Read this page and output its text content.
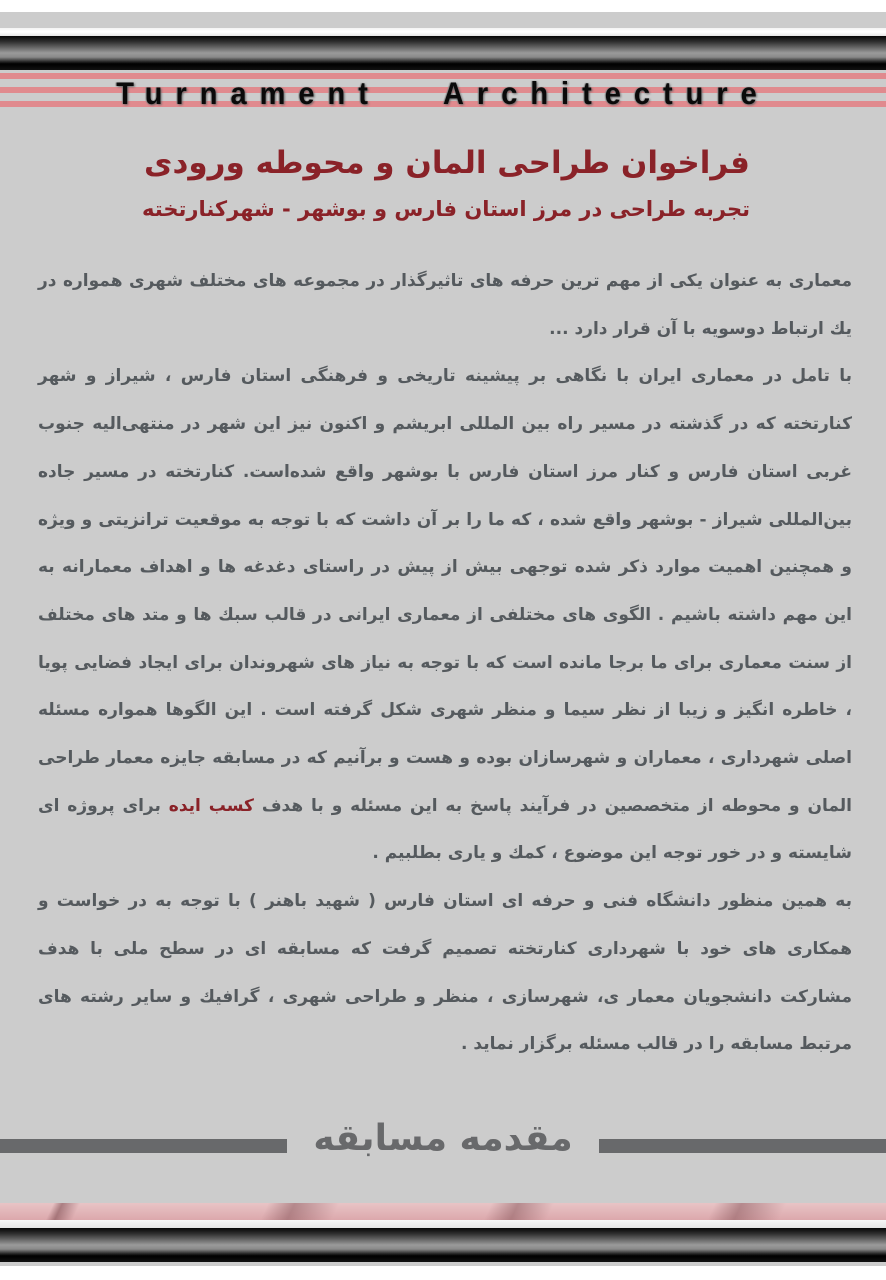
Turnament   Architecture
فراخوان طراحی المان و محوطه ورودی
تجربه طراحی در مرز استان فارس و بوشهر - شهرکنارتخته

معماری به عنوان یکی از مهم ترین حرفه های تاثیرگذار در مجموعه های مختلف شهری همواره در یك ارتباط دوسویه با آن قرار دارد ...

با تامل در معماری ایران با نگاهی بر پیشینه تاریخی و فرهنگی استان فارس ، شیراز و شهر کنارتخته که در گذشته در مسیر راه بین المللی ابریشم و اکنون نیز این شهر در منتهی‌الیه جنوب غربی استان فارس و کنار مرز استان فارس با بوشهر واقع شده‌است. کنارتخته در مسیر جاده بین‌المللی شیراز - بوشهر واقع شده ، که ما را بر آن داشت که با توجه به موقعیت ترانزیتی و ویژه و همچنین اهمیت موارد ذکر شده توجهی بیش از پیش در راستای دغدغه ها و اهداف معمارانه به این مهم داشته باشیم . الگوی های مختلفی از معماری ایرانی در قالب سبك ها و متد های مختلف از سنت معماری برای ما برجا مانده است که با توجه به نیاز های شهروندان برای ایجاد فضایی پویا ، خاطره انگیز و زیبا از نظر سیما و منظر شهری شکل گرفته است . این الگوها همواره مسئله اصلی شهرداری ، معماران و شهرسازان بوده و هست و برآنیم که در مسابقه جایزه معمار طراحی المان و محوطه از متخصصین در فرآیند پاسخ به این مسئله و با هدف کسب ایده برای پروژه ای شایسته و در خور توجه این موضوع ، کمك و یاری بطلبیم .

به همین منظور دانشگاه فنی و حرفه ای استان فارس ( شهید باهنر ) با توجه به در خواست و همکاری های خود با شهرداری کنارتخته تصمیم گرفت که مسابقه ای در سطح ملی با هدف مشارکت دانشجویان معمار ی، شهرسازی ، منظر و طراحی شهری ، گرافیك و سایر رشته های مرتبط مسابقه را در قالب مسئله برگزار نماید .

مقدمه مسابقه
